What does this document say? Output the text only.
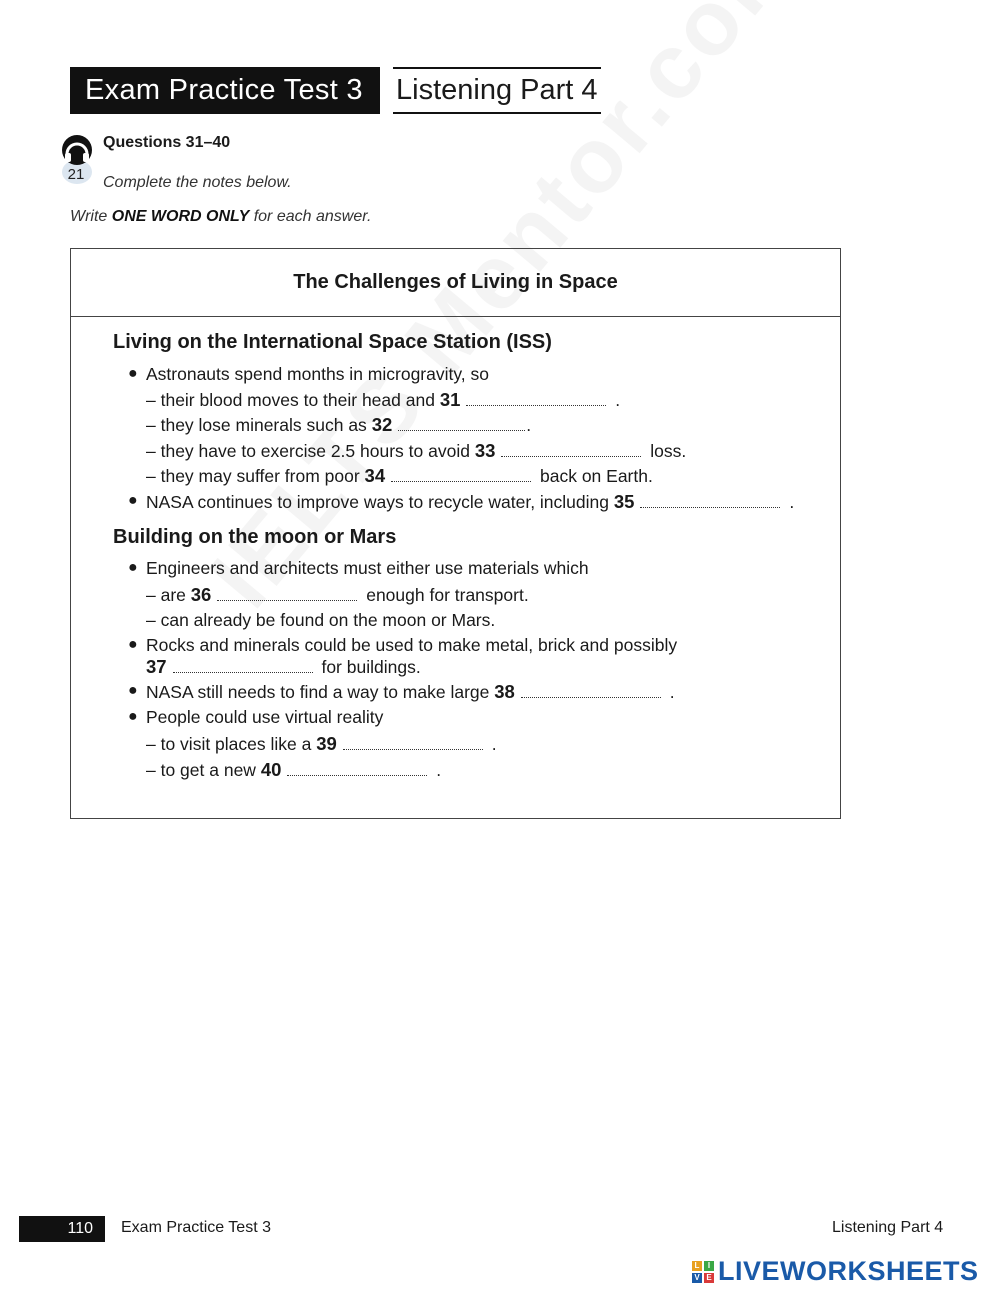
Exam Practice Test 3	Listening Part 4
21
Questions 31–40
Complete the notes below.
Write ONE WORD ONLY for each answer.
The Challenges of Living in Space
Living on the International Space Station (ISS)
● Astronauts spend months in microgravity, so
– their blood moves to their head and 31	.
– they lose minerals such as 32	.
– they have to exercise 2.5 hours to avoid 33	loss.
– they may suffer from poor 34	back on Earth.
● NASA continues to improve ways to recycle water, including 35	.
Building on the moon or Mars
● Engineers and architects must either use materials which
– are 36	enough for transport.
– can already be found on the moon or Mars.
● Rocks and minerals could be used to make metal, brick and possibly
37	for buildings.
● NASA still needs to find a way to make large 38	.
● People could use virtual reality
– to visit places like a 39	.
– to get a new 40	.
110	Exam Practice Test 3	Listening Part 4
L	I
V E LIVEWORKSHEETS
